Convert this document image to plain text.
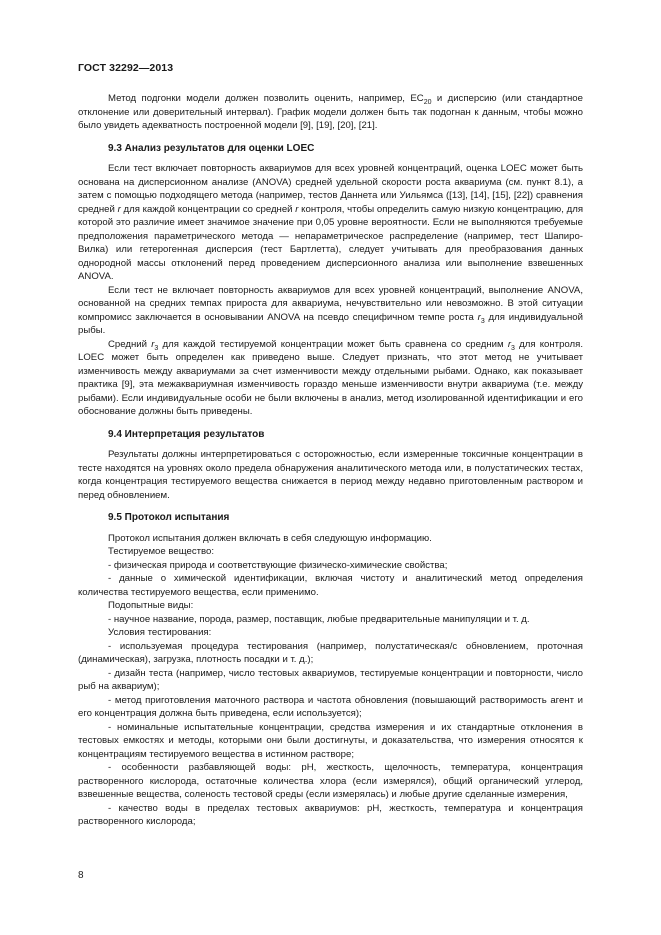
ГОСТ 32292—2013

Метод подгонки модели должен позволить оценить, например, $EC_{20}$ и дисперсию (или стандартное отклонение или доверительный интервал). График модели должен быть так подогнан к данным, чтобы можно было увидеть адекватность построенной модели [9], [19], [20], [21].

9.3 Анализ результатов для оценки LOEC

Если тест включает повторность аквариумов для всех уровней концентраций, оценка LOEC может быть основана на дисперсионном анализе (ANOVA) средней удельной скорости роста аквариума (см. пункт 8.1), а затем с помощью подходящего метода (например, тестов Даннета или Уильямса ([13], [14], [15], [22]) сравнения средней r для каждой концентрации со средней r контроля, чтобы определить самую низкую концентрацию, для которой это различие имеет значимое значение при 0,05 уровне вероятности. Если не выполняются требуемые предположения параметрического метода — непараметрическое распределение (например, тест Шапиро-Вилка) или гетерогенная дисперсия (тест Бартлетта), следует учитывать для преобразования данных однородной массы отклонений перед проведением дисперсионного анализа или выполнение взвешенных ANOVA.

Если тест не включает повторность аквариумов для всех уровней концентраций, выполнение ANOVA, основанной на средних темпах прироста для аквариума, нечувствительно или невозможно. В этой ситуации компромисс заключается в основывании ANOVA на псевдо специфичном темпе роста $r_3$ для индивидуальной рыбы.

Средний $r_3$ для каждой тестируемой концентрации может быть сравнена со средним $r_3$ для контроля. LOEC может быть определен как приведено выше. Следует признать, что этот метод не учитывает изменчивость между аквариумами за счет изменчивости между отдельными рыбами. Однако, как показывает практика [9], эта межаквариумная изменчивость гораздо меньше изменчивости внутри аквариума (т.е. между рыбами). Если индивидуальные особи не были включены в анализ, метод изолированной идентификации и его обоснование должны быть приведены.

9.4 Интерпретация результатов

Результаты должны интерпретироваться с осторожностью, если измеренные токсичные концентрации в тесте находятся на уровнях около предела обнаружения аналитического метода или, в полустатических тестах, когда концентрация тестируемого вещества снижается в период между недавно приготовленным раствором и перед обновлением.

9.5 Протокол испытания

Протокол испытания должен включать в себя следующую информацию.

Тестируемое вещество:

- физическая природа и соответствующие физическо-химические свойства;

- данные о химической идентификации, включая чистоту и аналитический метод определения количества тестируемого вещества, если применимо.

Подопытные виды:

- научное название, порода, размер, поставщик, любые предварительные манипуляции и т. д.

Условия тестирования:

- используемая процедура тестирования (например, полустатическая/с обновлением, проточная (динамическая), загрузка, плотность посадки и т. д.);

- дизайн теста (например, число тестовых аквариумов, тестируемые концентрации и повторности, число рыб на аквариум);

- метод приготовления маточного раствора и частота обновления (повышающий растворимость агент и его концентрация должна быть приведена, если используется);

- номинальные испытательные концентрации, средства измерения и их стандартные отклонения в тестовых емкостях и методы, которыми они были достигнуты, и доказательства, что измерения относятся к концентрациям тестируемого вещества в истинном растворе;

- особенности разбавляющей воды: pH, жесткость, щелочность, температура, концентрация растворенного кислорода, остаточные количества хлора (если измерялся), общий органический углерод, взвешенные вещества, соленость тестовой среды (если измерялась) и любые другие сделанные измерения,

- качество воды в пределах тестовых аквариумов: pH, жесткость, температура и концентрация растворенного кислорода;

8
